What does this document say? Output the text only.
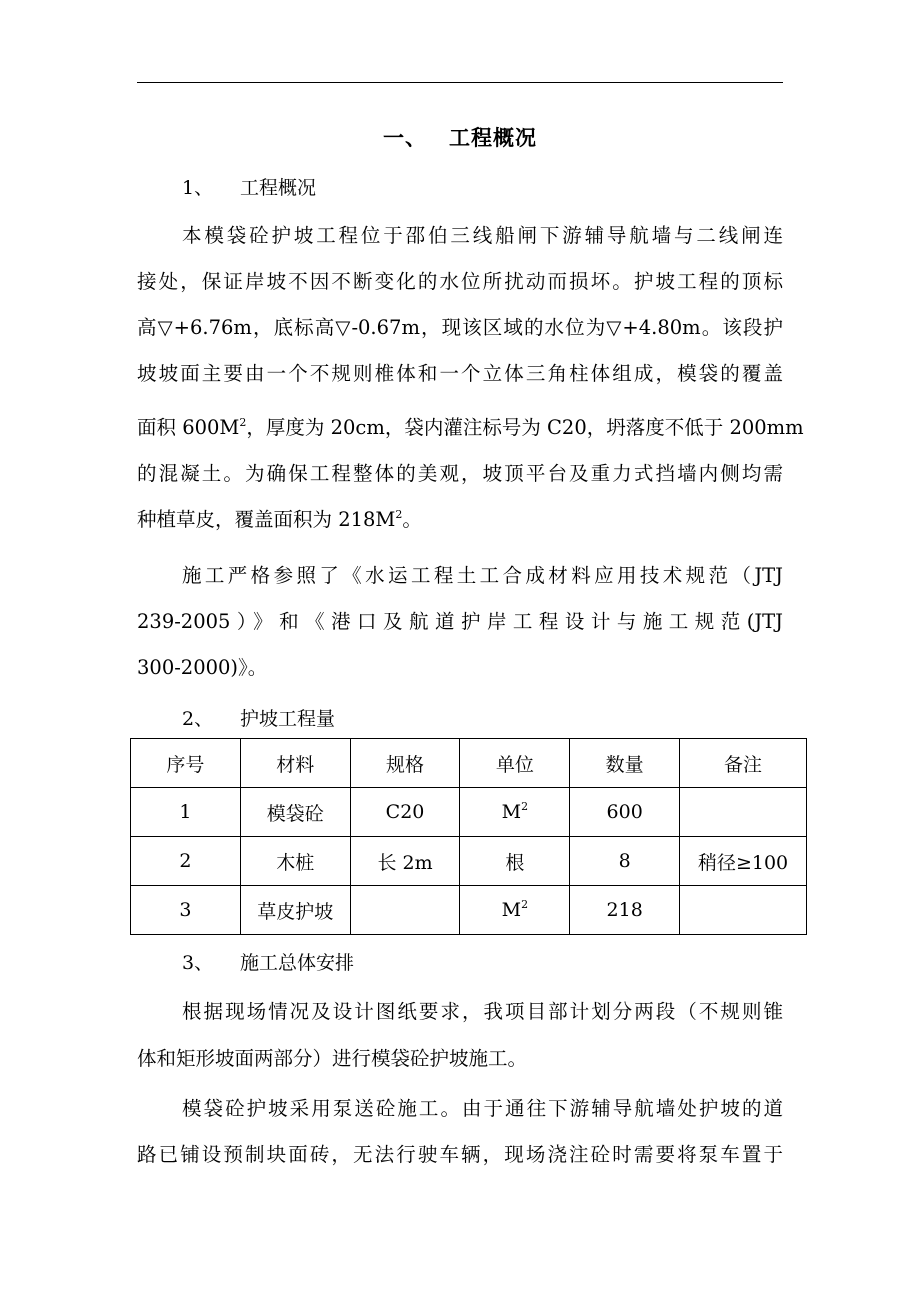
一、 工程概况
1、 工程概况
本模袋砼护坡工程位于邵伯三线船闸下游辅导航墙与二线闸连
接处，保证岸坡不因不断变化的水位所扰动而损坏。护坡工程的顶标
高▽+6.76m，底标高▽-0.67m，现该区域的水位为▽+4.80m。该段护
坡坡面主要由一个不规则椎体和一个立体三角柱体组成，模袋的覆盖
面积 $600M^2$，厚度为 20cm，袋内灌注标号为 C20，坍落度不低于 200mm
的混凝土。为确保工程整体的美观，坡顶平台及重力式挡墙内侧均需
种植草皮，覆盖面积为 $218M^2$。
施工严格参照了《水运工程土工合成材料应用技术规范（JTJ
239-2005）》和《港口及航道护岸工程设计与施工规范(JTJ
300-2000)》。
2、 护坡工程量
序号	材料	规格	单位	数量	备注
1	模袋砼	C20	$M^2$	600	
2	木桩	长 2m	根	8	稍径≥100
3	草皮护坡		$M^2$	218	
3、 施工总体安排
根据现场情况及设计图纸要求，我项目部计划分两段（不规则锥
体和矩形坡面两部分）进行模袋砼护坡施工。
模袋砼护坡采用泵送砼施工。由于通往下游辅导航墙处护坡的道
路已铺设预制块面砖，无法行驶车辆，现场浇注砼时需要将泵车置于
